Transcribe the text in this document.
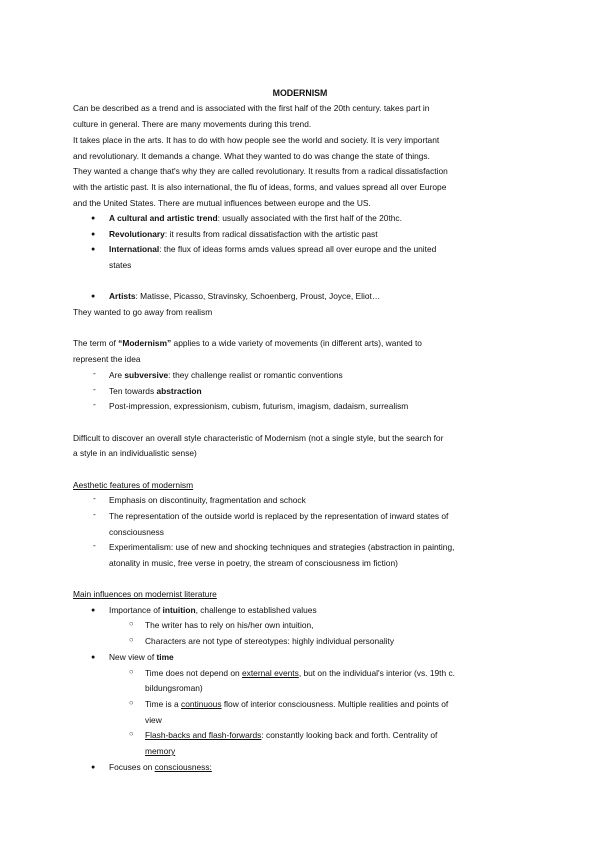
MODERNISM
Can be described as a trend and is associated with the first half of the 20th century. takes part in
culture in general. There are many movements during this trend.
It takes place in the arts. It has to do with how people see the world and society. It is very important
and revolutionary. It demands a change. What they wanted to do was change the state of things.
They wanted a change that's why they are called revolutionary. It results from a radical dissatisfaction
with the artistic past. It is also international, the flu of ideas, forms, and values spread all over Europe
and the United States. There are mutual influences between europe and the US.
● A cultural and artistic trend: usually associated with the first half of the 20thc.
● Revolutionary: it results from radical dissatisfaction with the artistic past
● International: the flux of ideas forms amds values spread all over europe and the united
states
● Artists: Matisse, Picasso, Stravinsky, Schoenberg, Proust, Joyce, Eliot…
They wanted to go away from realism
The term of “Modernism” applies to a wide variety of movements (in different arts), wanted to
represent the idea
- Are subversive: they challenge realist or romantic conventions
- Ten towards abstraction
- Post-impression, expressionism, cubism, futurism, imagism, dadaism, surrealism
Difficult to discover an overall style characteristic of Modernism (not a single style, but the search for
a style in an individualistic sense)
Aesthetic features of modernism
- Emphasis on discontinuity, fragmentation and schock
- The representation of the outside world is replaced by the representation of inward states of
consciousness
- Experimentalism: use of new and shocking techniques and strategies (abstraction in painting,
atonality in music, free verse in poetry, the stream of consciousness im fiction)
Main influences on modernist literature
● Importance of intuition, challenge to established values
○ The writer has to rely on his/her own intuition,
○ Characters are not type of stereotypes: highly individual personality
● New view of time
○ Time does not depend on external events, but on the individual's interior (vs. 19th c.
bildungsroman)
○ Time is a continuous flow of interior consciousness. Multiple realities and points of
view
○ Flash-backs and flash-forwards: constantly looking back and forth. Centrality of
memory
● Focuses on consciousness:
